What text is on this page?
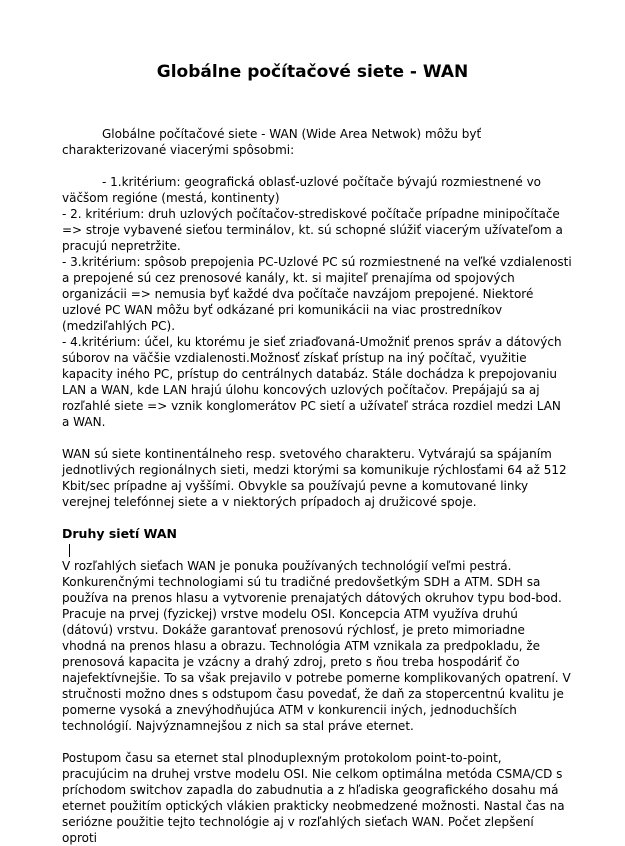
Globálne počítačové siete - WAN

Globálne počítačové siete - WAN (Wide Area Netwok) môžu byť charakterizované viacerými spôsobmi:

- 1.kritérium: geografická oblasť-uzlové počítače bývajú rozmiestnené vo väčšom regióne (mestá, kontinenty)

- 2. kritérium: druh uzlových počítačov-strediskové počítače prípadne minipočítače => stroje vybavené sieťou terminálov, kt. sú schopné slúžiť viacerým užívateľom a pracujú nepretržite.

- 3.kritérium: spôsob prepojenia PC-Uzlové PC sú rozmiestnené na veľké vzdialenosti a prepojené sú cez prenosové kanály, kt. si majiteľ prenajíma od spojových organizácii => nemusia byť každé dva počítače navzájom prepojené. Niektoré uzlové PC WAN môžu byť odkázané pri komunikácii na viac prostredníkov (medziľahlých PC).

- 4.kritérium: účel, ku ktorému je sieť zriaďovaná-Umožniť prenos správ a dátových súborov na väčšie vzdialenosti.Možnosť získať prístup na iný počítač, využitie kapacity iného PC, prístup do centrálnych databáz. Stále dochádza k prepojovaniu LAN a WAN, kde LAN hrajú úlohu koncových uzlových počítačov. Prepájajú sa aj rozľahlé siete => vznik konglomerátov PC sietí a užívateľ stráca rozdiel medzi LAN a WAN.

WAN sú siete kontinentálneho resp. svetového charakteru. Vytvárajú sa spájaním jednotlivých regionálnych sieti, medzi ktorými sa komunikuje rýchlosťami 64 až 512 Kbit/sec prípadne aj vyššími. Obvykle sa používajú pevne a komutované linky verejnej telefónnej siete a v niektorých prípadoch aj družicové spoje.

Druhy sietí WAN

V rozľahlých sieťach WAN je ponuka používaných technológií veľmi pestrá. Konkurenčnými technologiami sú tu tradičné predovšetkým SDH a ATM. SDH sa používa na prenos hlasu a vytvorenie prenajatých dátových okruhov typu bod-bod. Pracuje na prvej (fyzickej) vrstve modelu OSI. Koncepcia ATM využíva druhú (dátovú) vrstvu. Dokáže garantovať prenosovú rýchlosť, je preto mimoriadne vhodná na prenos hlasu a obrazu. Technológia ATM vznikala za predpokladu, že prenosová kapacita je vzácny a drahý zdroj, preto s ňou treba hospodáriť čo najefektívnejšie. To sa však prejavilo v potrebe pomerne komplikovaných opatrení. V stručnosti možno dnes s odstupom času povedať, že daň za stopercentnú kvalitu je pomerne vysoká a znevýhodňujúca ATM v konkurencii iných, jednoduchších technológií. Najvýznamnejšou z nich sa stal práve eternet.

Postupom času sa eternet stal plnoduplexným protokolom point-to-point, pracujúcim na druhej vrstve modelu OSI. Nie celkom optimálna metóda CSMA/CD s príchodom switchov zapadla do zabudnutia a z hľadiska geografického dosahu má eternet použitím optických vlákien prakticky neobmedzené možnosti. Nastal čas na seriózne použitie tejto technológie aj v rozľahlých sieťach WAN. Počet zlepšení oproti
